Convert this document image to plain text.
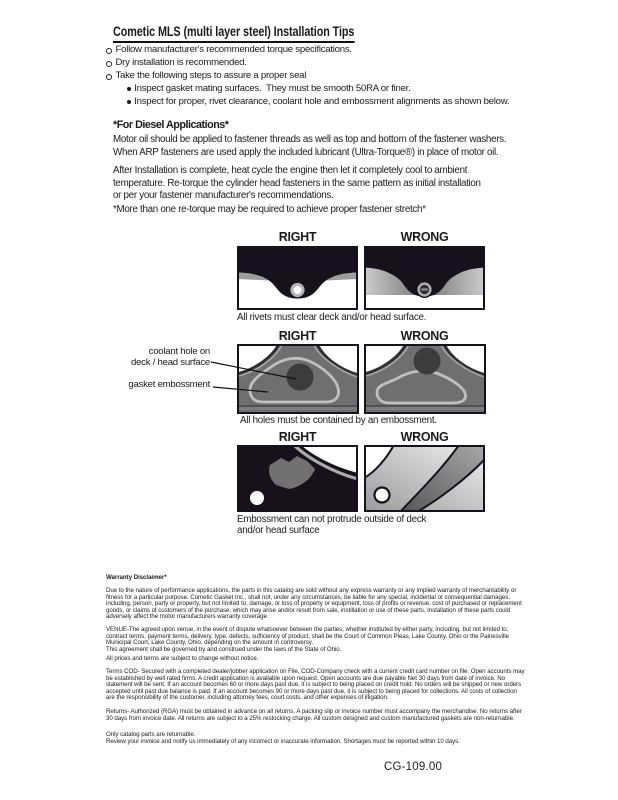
Cometic MLS (multi layer steel) Installation Tips
Follow manufacturer's recommended torque specifications.
Dry installation is recommended.
Take the following steps to assure a proper seal
Inspect gasket mating surfaces.  They must be smooth 50RA or finer.
Inspect for proper, rivet clearance, coolant hole and embossment alignments as shown below.
*For Diesel Applications*
Motor oil should be applied to fastener threads as well as top and bottom of the fastener washers.
When ARP fasteners are used apply the included lubricant (Ultra-Torque®) in place of motor oil.
After Installation is complete, heat cycle the engine then let it completely cool to ambient
temperature. Re-torque the cylinder head fasteners in the same pattern as initial installation
or per your fastener manufacturer's recommendations.
*More than one re-torque may be required to achieve proper fastener stretch*
RIGHT	WRONG
All rivets must clear deck and/or head surface.
RIGHT	WRONG
coolant hole on
deck / head surface
gasket embossment
All holes must be contained by an embossment.
RIGHT	WRONG
Embossment can not protrude outside of deck
and/or head surface
Warranty Disclaimer*
Due to the nature of performance applications, the parts in this catalog are sold without any express warranty or any implied warranty of merchantability or
fitness for a particular purpose. Cometic Gasket Inc., shall not, under any circumstances, be liable for any special, incidental or consequential damages,
including, person, party or property, but not limited to, damage, or loss of property or equipment, loss of profits or revenue, cost of purchased or replacement
goods, or claims of customers of the purchase, which may arise and/or result from sale, instillation or use of these parts. Installation of these parts could
adversely affect the motor manufacturers warranty coverage.
VENUE-The agreed upon venue, in the event of dispute whatsoever between the parties, whether instituted by either party, including, but not limited to,
contract terms, payment terms, delivery, type, defects, sufficiency of product, shall be the Court of Common Pleas, Lake County, Ohio or the Painesville
Municipal Court, Lake County, Ohio, depending on the amount in controversy.
This agreement shall be governed by and construed under the laws of the State of Ohio.
All prices and terms are subject to change without notice.
Terms COD- Secured with a completed dealer/jobber application on File, COD-Company check with a current credit card number on file. Open accounts may
be established by well rated firms. A credit application is available upon request. Open accounts are due payable Net 30 days from date of invoice. No
statement will be sent. If an account becomes 60 or more days past due, it is subject to being placed on credit hold. No orders will be shipped or new orders
accepted until past due balance is paid. If an account becomes 90 or more days past due, it is subject to being placed for collections. All costs of collection
are the responsibility of the customer, including attorney fees, court costs, and other expenses of litigation.
Returns- Authorized (RGA) must be obtained in advance on all returns. A packing slip or invoice number must accompany the merchandise. No returns after
30 days from invoice date. All returns are subject to a 25% restocking charge. All custom designed and custom manufactured gaskets are non-returnable.
Only catalog parts are returnable.
Review your invoice and notify us immediately of any incorrect or inaccurate information. Shortages must be reported within 10 days.
CG-109.00
